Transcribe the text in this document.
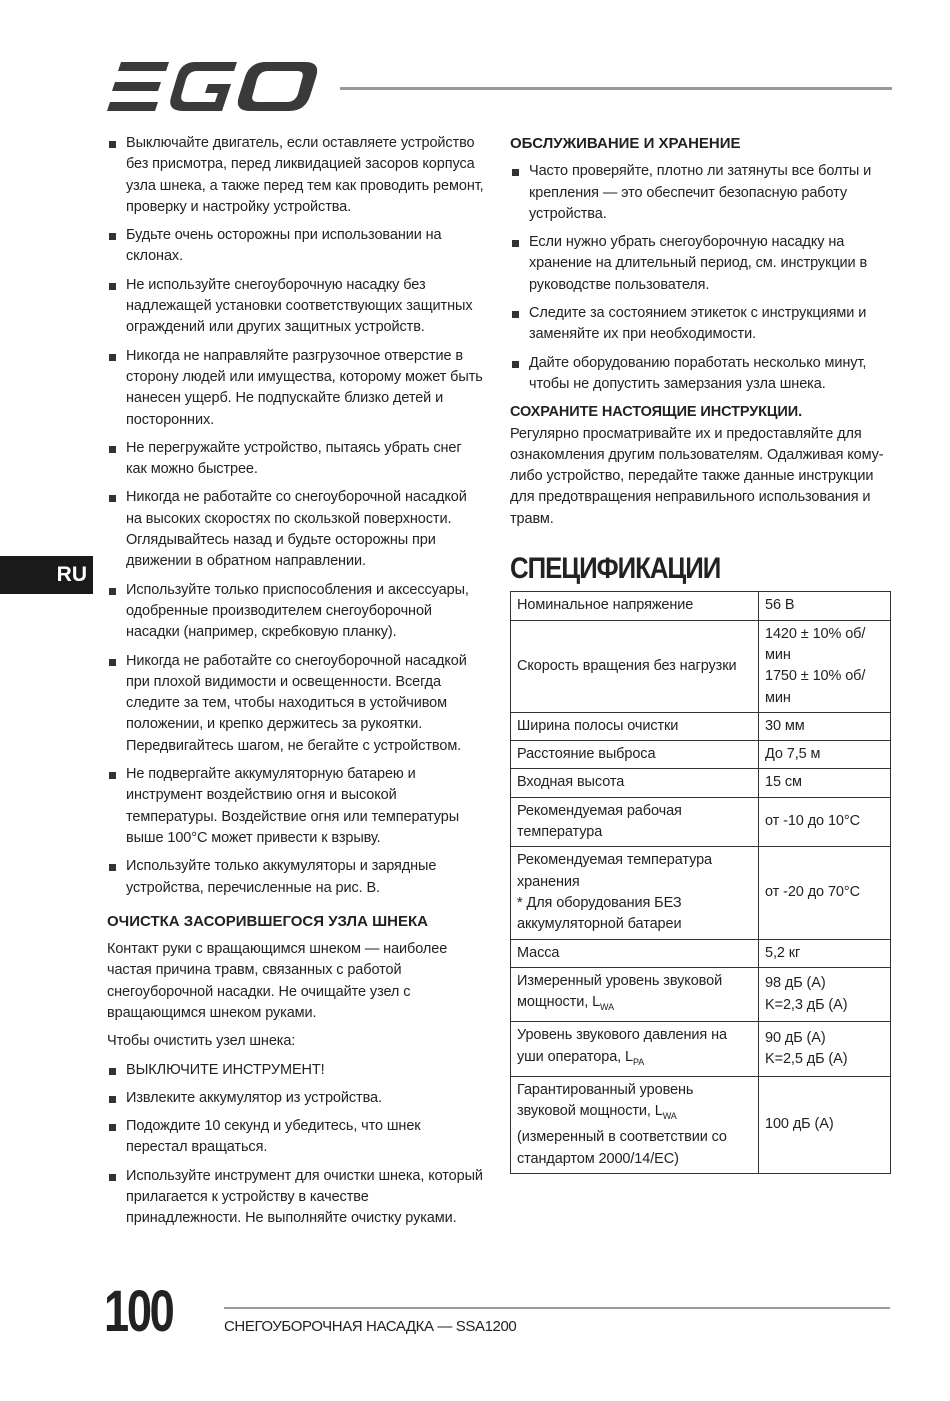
RU
Выключайте двигатель, если оставляете устройство без присмотра, перед ликвидацией засоров корпуса узла шнека, а также перед тем как проводить ремонт, проверку и настройку устройства.
Будьте очень осторожны при использовании на склонах.
Не используйте снегоуборочную насадку без надлежащей установки соответствующих защитных ограждений или других защитных устройств.
Никогда не направляйте разгрузочное отверстие в сторону людей или имущества, которому может быть нанесен ущерб. Не подпускайте близко детей и посторонних.
Не перегружайте устройство, пытаясь убрать снег как можно быстрее.
Никогда не работайте со снегоуборочной насадкой на высоких скоростях по скользкой поверхности. Оглядывайтесь назад и будьте осторожны при движении в обратном направлении.
Используйте только приспособления и аксессуары, одобренные производителем снегоуборочной насадки (например, скребковую планку).
Никогда не работайте со снегоуборочной насадкой при плохой видимости и освещенности. Всегда следите за тем, чтобы находиться в устойчивом положении, и крепко держитесь за рукоятки. Передвигайтесь шагом, не бегайте с устройством.
Не подвергайте аккумуляторную батарею и инструмент воздействию огня и высокой температуры. Воздействие огня или температуры выше 100°C может привести к взрыву.
Используйте только аккумуляторы и зарядные устройства, перечисленные на рис. B.
ОЧИСТКА ЗАСОРИВШЕГОСЯ УЗЛА ШНЕКА

Контакт руки с вращающимся шнеком — наиболее частая причина травм, связанных с работой снегоуборочной насадки. Не очищайте узел с вращающимся шнеком руками.

Чтобы очистить узел шнека:

ВЫКЛЮЧИТЕ ИНСТРУМЕНТ!
Извлеките аккумулятор из устройства.
Подождите 10 секунд и убедитесь, что шнек перестал вращаться.
Используйте инструмент для очистки шнека, который прилагается к устройству в качестве принадлежности. Не выполняйте очистку руками.
ОБСЛУЖИВАНИЕ И ХРАНЕНИЕ
Часто проверяйте, плотно ли затянуты все болты и крепления — это обеспечит безопасную работу устройства.
Если нужно убрать снегоуборочную насадку на хранение на длительный период, см. инструкции в руководстве пользователя.
Следите за состоянием этикеток с инструкциями и заменяйте их при необходимости.
Дайте оборудованию поработать несколько минут, чтобы не допустить замерзания узла шнека.

СОХРАНИТЕ НАСТОЯЩИЕ ИНСТРУКЦИИ.
Регулярно просматривайте их и предоставляйте для ознакомления другим пользователям. Одалживая кому-либо устройство, передайте также данные инструкции для предотвращения неправильного использования и травм.

СПЕЦИФИКАЦИИ
Номинальное напряжение	56 В
Скорость вращения без нагрузки	1420 ± 10% об/мин
1750 ± 10% об/мин

Ширина полосы очистки	30 мм
Расстояние выброса	До 7,5 м
Входная высота	15 см
Рекомендуемая рабочая температура	от -10 до 10°C

Рекомендуемая температура хранения
* Для оборудования БЕЗ аккумуляторной батареи	от -20 до 70°C
Масса	5,2 кг
Измеренный уровень звуковой мощности, $L_{WA}$	98 дБ (A)
K=2,3 дБ (A)

Уровень звукового давления на уши оператора, $L_{PA}$	90 дБ (A)
K=2,5 дБ (A)

Гарантированный уровень звуковой мощности, $L_{WA}$
(измеренный в соответствии со стандартом 2000/14/EC)	100 дБ (A)
100	СНЕГОУБОРОЧНАЯ НАСАДКА — SSA1200
